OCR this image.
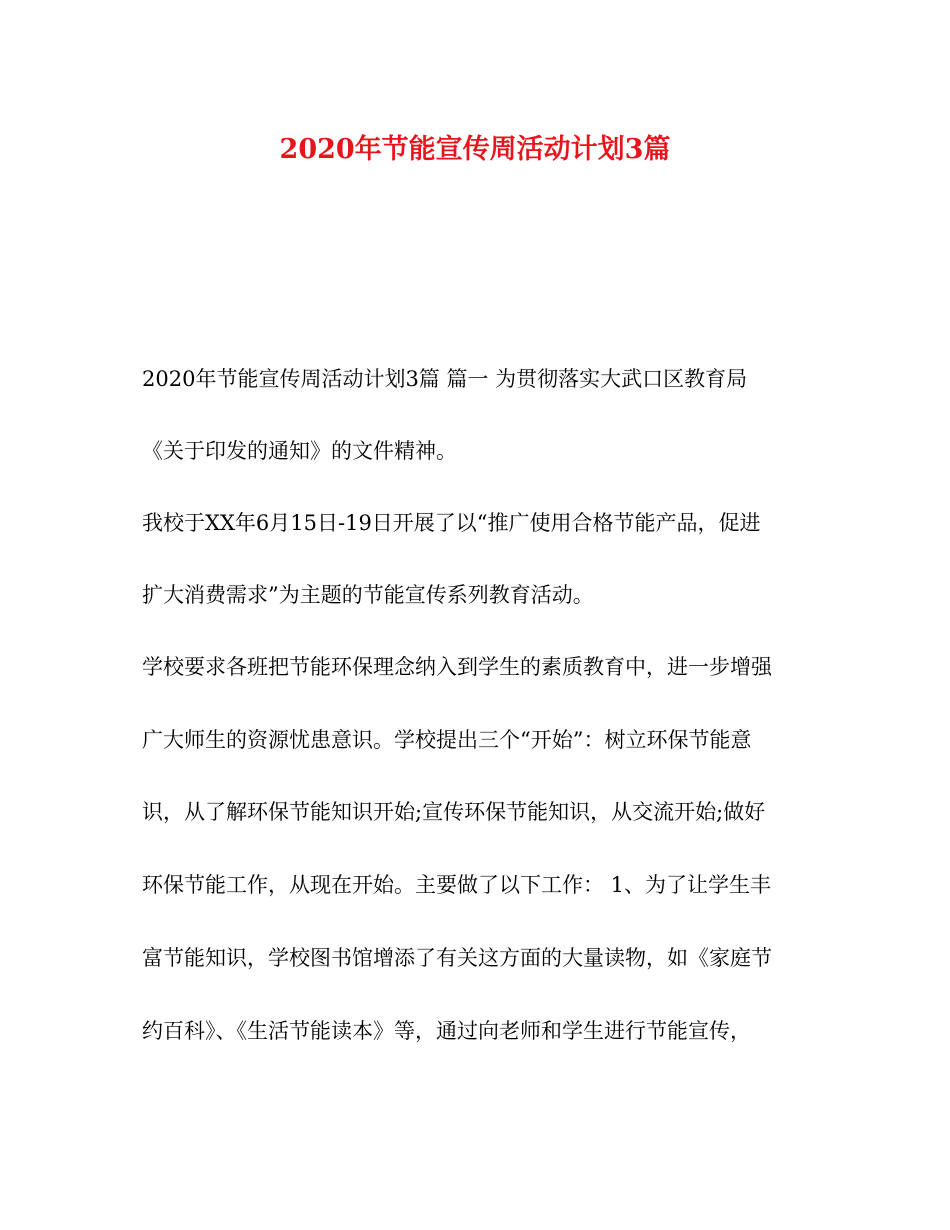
2020年节能宣传周活动计划3篇
2020年节能宣传周活动计划3篇 篇一 为贯彻落实大武口区教育局
《关于印发的通知》的文件精神。
我校于XX年6月15日-19日开展了以“推广使用合格节能产品，促进
扩大消费需求”为主题的节能宣传系列教育活动。
学校要求各班把节能环保理念纳入到学生的素质教育中，进一步增强
广大师生的资源忧患意识。学校提出三个“开始”：树立环保节能意
识，从了解环保节能知识开始;宣传环保节能知识，从交流开始;做好
环保节能工作，从现在开始。主要做了以下工作： 1、为了让学生丰
富节能知识，学校图书馆增添了有关这方面的大量读物，如《家庭节
约百科》、《生活节能读本》等，通过向老师和学生进行节能宣传，
